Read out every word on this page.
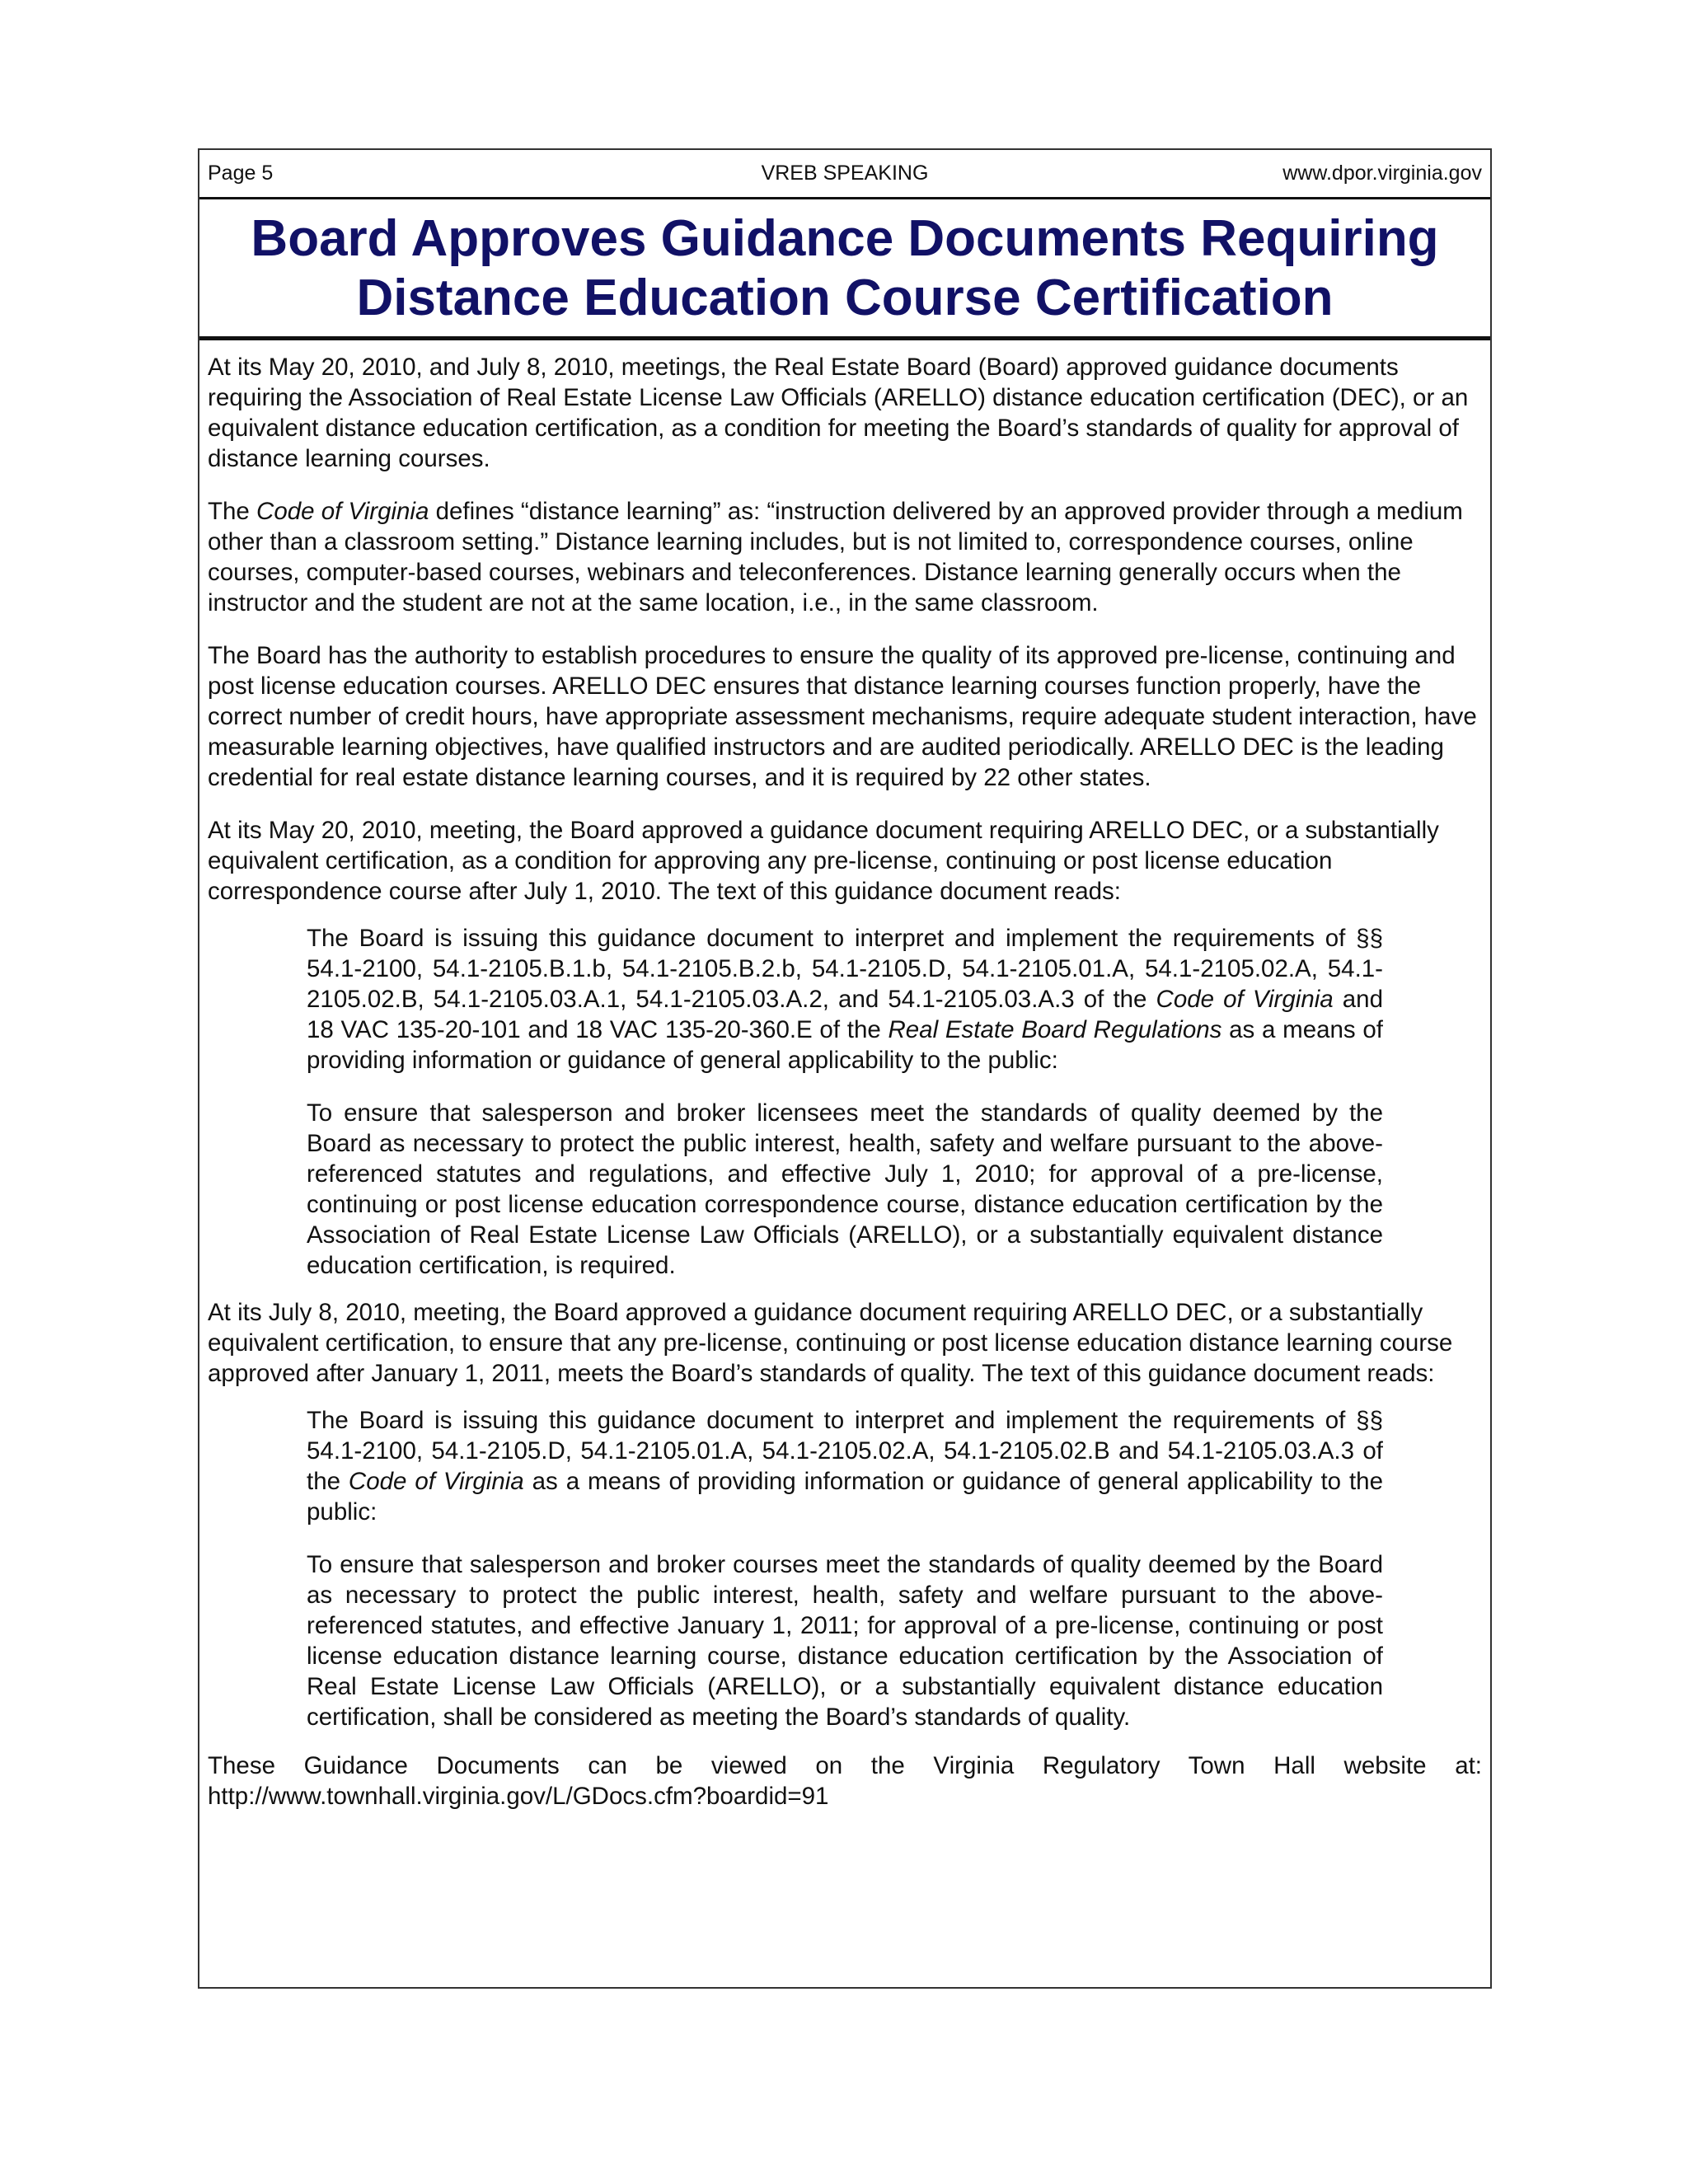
Page 5	VREB SPEAKING	www.dpor.virginia.gov
Board Approves Guidance Documents Requiring
Distance Education Course Certification

At its May 20, 2010, and July 8, 2010, meetings, the Real Estate Board (Board) approved guidance documents requiring the Association of Real Estate License Law Officials (ARELLO) distance education certification (DEC), or an equivalent distance education certification, as a condition for meeting the Board’s standards of quality for approval of distance learning courses.

The Code of Virginia defines “distance learning” as: “instruction delivered by an approved provider through a medium other than a classroom setting.” Distance learning includes, but is not limited to, correspondence courses, online courses, computer-based courses, webinars and teleconferences. Distance learning generally occurs when the instructor and the student are not at the same location, i.e., in the same classroom.

The Board has the authority to establish procedures to ensure the quality of its approved pre-license, continuing and post license education courses. ARELLO DEC ensures that distance learning courses function properly, have the correct number of credit hours, have appropriate assessment mechanisms, require adequate student interaction, have measurable learning objectives, have qualified instructors and are audited periodically. ARELLO DEC is the leading credential for real estate distance learning courses, and it is required by 22 other states.

At its May 20, 2010, meeting, the Board approved a guidance document requiring ARELLO DEC, or a substantially equivalent certification, as a condition for approving any pre-license, continuing or post license education correspondence course after July 1, 2010. The text of this guidance document reads:

The Board is issuing this guidance document to interpret and implement the requirements of §§ 54.1-2100, 54.1-2105.B.1.b, 54.1-2105.B.2.b, 54.1-2105.D, 54.1-2105.01.A, 54.1-2105.02.A, 54.1-2105.02.B, 54.1-2105.03.A.1, 54.1-2105.03.A.2, and 54.1-2105.03.A.3 of the Code of Virginia and 18 VAC 135-20-101 and 18 VAC 135-20-360.E of the Real Estate Board Regulations as a means of providing information or guidance of general applicability to the public:
To ensure that salesperson and broker licensees meet the standards of quality deemed by the Board as necessary to protect the public interest, health, safety and welfare pursuant to the above-referenced statutes and regulations, and effective July 1, 2010; for approval of a pre-license, continuing or post license education correspondence course, distance education certification by the Association of Real Estate License Law Officials (ARELLO), or a substantially equivalent distance education certification, is required.

At its July 8, 2010, meeting, the Board approved a guidance document requiring ARELLO DEC, or a substantially equivalent certification, to ensure that any pre-license, continuing or post license education distance learning course approved after January 1, 2011, meets the Board’s standards of quality. The text of this guidance document reads:

The Board is issuing this guidance document to interpret and implement the requirements of §§ 54.1-2100, 54.1-2105.D, 54.1-2105.01.A, 54.1-2105.02.A, 54.1-2105.02.B and 54.1-2105.03.A.3 of the Code of Virginia as a means of providing information or guidance of general applicability to the public:
To ensure that salesperson and broker courses meet the standards of quality deemed by the Board as necessary to protect the public interest, health, safety and welfare pursuant to the above-referenced statutes, and effective January 1, 2011; for approval of a pre-license, continuing or post license education distance learning course, distance education certification by the Association of Real Estate License Law Officials (ARELLO), or a substantially equivalent distance education certification, shall be considered as meeting the Board’s standards of quality.

These Guidance Documents can be viewed on the Virginia Regulatory Town Hall website at: http://www.townhall.virginia.gov/L/GDocs.cfm?boardid=91
